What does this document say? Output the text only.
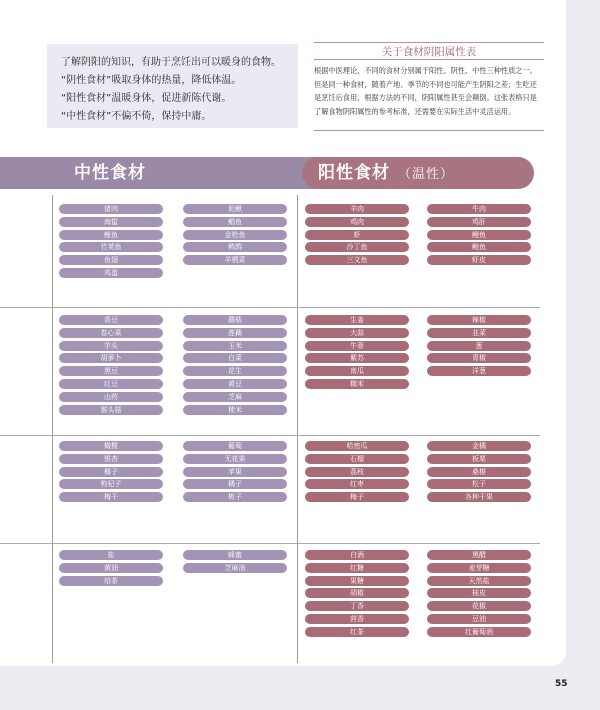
了解阴阳的知识，有助于烹饪出可以暖身的食物。
“阴性食材”吸取身体的热量，降低体温。
“阳性食材”温暖身体，促进新陈代谢。
“中性食材”不偏不倚，保持中庸。
关于食材阴阳属性表
根据中医理论，不同的食材分别属于阳性、阴性、中性三种性质之一。但是同一种食材，随着产地、季节的不同也可能产生阴阳之差；生吃还是烹饪后食用，根据方法的不同，阴阳属性甚至会颠倒。这张表格只是了解食物阴阳属性的参考标准，还需要在实际生活中灵活运用。
中性食材	阳性食材 （温性）
猪肉
海蜇
鲤鱼
竹荚鱼
鱼翅
鸡蛋
泥鳅
鲳鱼
金枪鱼
鹌鹑
羊栖菜
羊肉
鸡肉
虾
沙丁鱼
三文鱼
牛肉
鸡肝
鳗鱼
鲍鱼
虾皮
香豆
卷心菜
芋头
胡萝卜
黑豆
红豆
山药
猴头菇
蘑菇
莲藕
玉米
白菜
花生
黄豆
芝麻
梗米
生姜
大蒜
牛蒡
紫苏
南瓜
糯米
辣椒
韭菜
葱
青椒
洋葱
橄榄
银杏
椰子
枸杞子
梅干
葡萄
无花果
苹果
橘子
桃子
哈密瓜
石榴
荔枝
红枣
梅子
金橘
板栗
桑椹
松子
各种干果
盐
黄油
焙茶
蜂蜜
芝麻油
白酒
红糖
果糖
胡椒
丁香
茴香
红茶
黑醋
麦芽糖
天然盐
桂皮
花椒
豆油
红葡萄酒
55
